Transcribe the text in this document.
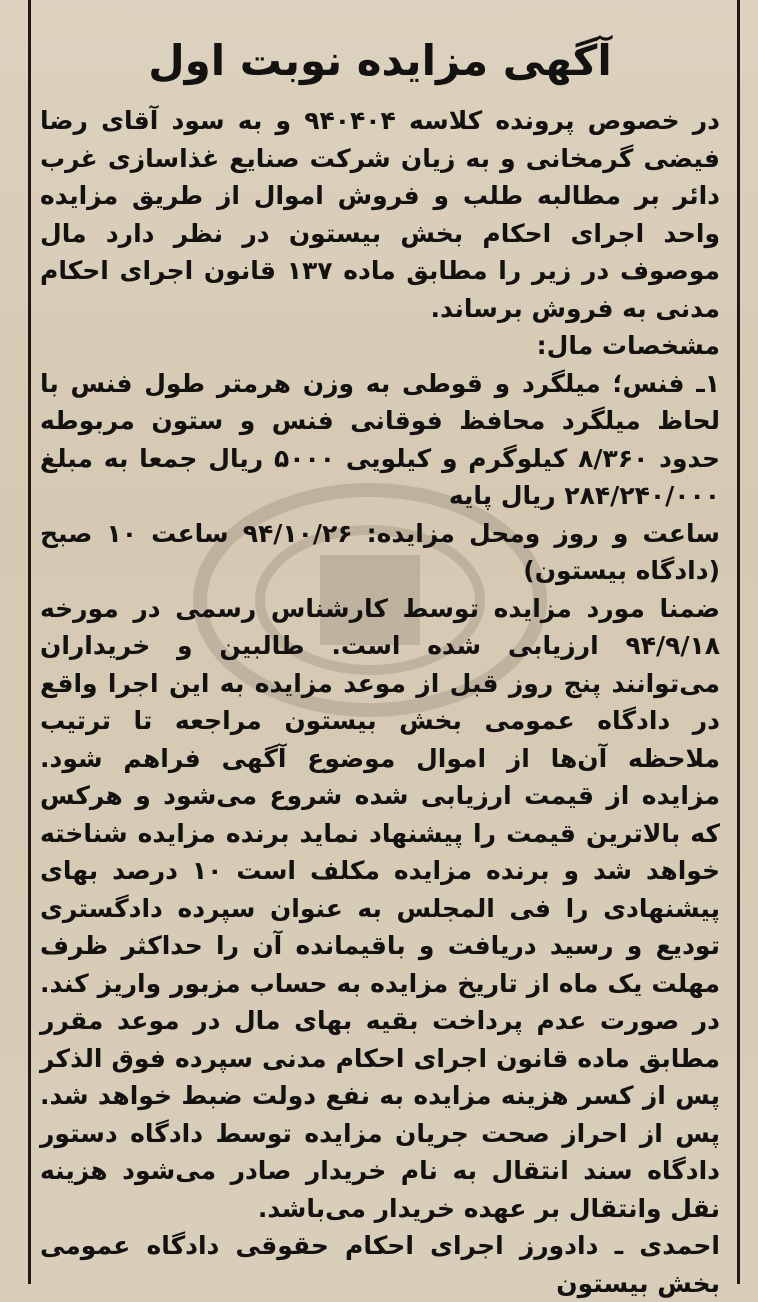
آگهی مزایده نوبت اول

در خصوص پرونده کلاسه ۹۴۰۴۰۴ و به سود آقای رضا فیضی گرمخانی و به زیان شرکت صنایع غذاسازی غرب دائر بر مطالبه طلب و فروش اموال از طریق مزایده واحد اجرای احکام بخش بیستون در نظر دارد مال موصوف در زیر را مطابق ماده ۱۳۷ قانون اجرای احکام مدنی به فروش برساند.

مشخصات مال:

۱ـ فنس؛ میلگرد و قوطی به وزن هرمتر طول فنس با لحاظ میلگرد محافظ فوقانی فنس و ستون مربوطه حدود ۸/۳۶۰ کیلوگرم و کیلویی ۵۰۰۰ ریال جمعا به مبلغ ۲۸۴/۲۴۰/۰۰۰ ریال پایه

ساعت و روز ومحل مزایده: ۹۴/۱۰/۲۶ ساعت ۱۰ صبح (دادگاه بیستون)

ضمنا مورد مزایده توسط کارشناس رسمی در مورخه ۹۴/۹/۱۸ ارزیابی شده است. طالبین و خریداران می‌توانند پنج روز قبل از موعد مزایده به این اجرا واقع در دادگاه عمومی بخش بیستون مراجعه تا ترتیب ملاحظه آن‌ها از اموال موضوع آگهی فراهم شود. مزایده از قیمت ارزیابی شده شروع می‌شود و هرکس که بالاترین قیمت را پیشنهاد نماید برنده مزایده شناخته خواهد شد و برنده مزایده مکلف است ۱۰ درصد بهای پیشنهادی را فی المجلس به عنوان سپرده دادگستری تودیع و رسید دریافت و باقیمانده آن را حداکثر ظرف مهلت یک ماه از تاریخ مزایده به حساب مزبور واریز کند. در صورت عدم پرداخت بقیه بهای مال در موعد مقرر مطابق ماده قانون اجرای احکام مدنی سپرده فوق الذکر پس از کسر هزینه مزایده به نفع دولت ضبط خواهد شد. پس از احراز صحت جریان مزایده توسط دادگاه دستور دادگاه سند انتقال به نام خریدار صادر می‌شود هزینه نقل وانتقال بر عهده خریدار می‌باشد.

احمدی ـ دادورز اجرای احکام حقوقی دادگاه عمومی بخش بیستون
